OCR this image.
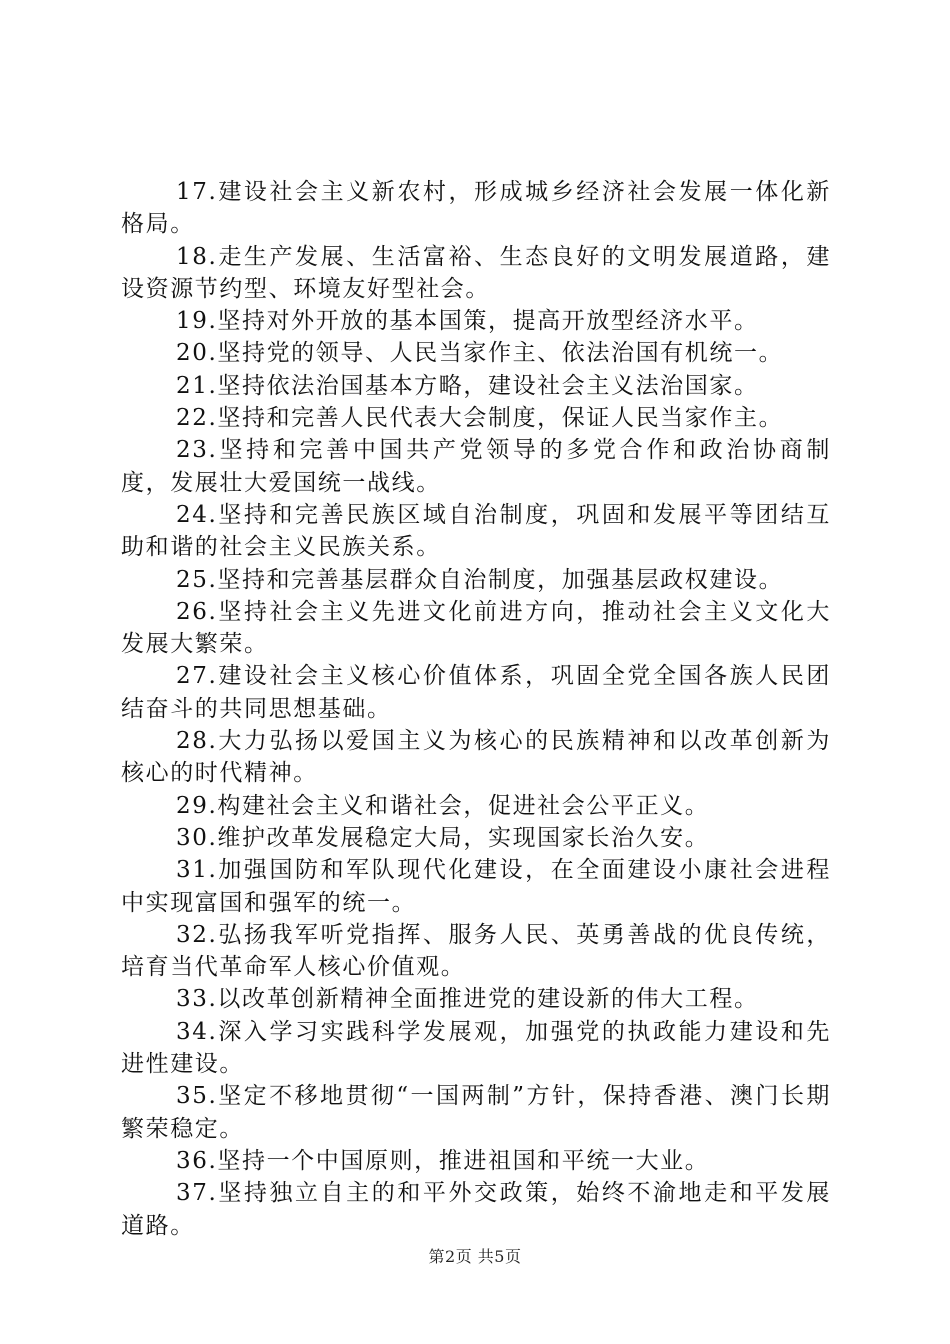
17.建设社会主义新农村，形成城乡经济社会发展一体化新格局。

18.走生产发展、生活富裕、生态良好的文明发展道路，建设资源节约型、环境友好型社会。

19.坚持对外开放的基本国策，提高开放型经济水平。

20.坚持党的领导、人民当家作主、依法治国有机统一。

21.坚持依法治国基本方略，建设社会主义法治国家。

22.坚持和完善人民代表大会制度，保证人民当家作主。

23.坚持和完善中国共产党领导的多党合作和政治协商制度，发展壮大爱国统一战线。

24.坚持和完善民族区域自治制度，巩固和发展平等团结互助和谐的社会主义民族关系。

25.坚持和完善基层群众自治制度，加强基层政权建设。

26.坚持社会主义先进文化前进方向，推动社会主义文化大发展大繁荣。

27.建设社会主义核心价值体系，巩固全党全国各族人民团结奋斗的共同思想基础。

28.大力弘扬以爱国主义为核心的民族精神和以改革创新为核心的时代精神。

29.构建社会主义和谐社会，促进社会公平正义。

30.维护改革发展稳定大局，实现国家长治久安。

31.加强国防和军队现代化建设，在全面建设小康社会进程中实现富国和强军的统一。

32.弘扬我军听党指挥、服务人民、英勇善战的优良传统，培育当代革命军人核心价值观。

33.以改革创新精神全面推进党的建设新的伟大工程。

34.深入学习实践科学发展观，加强党的执政能力建设和先进性建设。

35.坚定不移地贯彻“一国两制”方针，保持香港、澳门长期繁荣稳定。

36.坚持一个中国原则，推进祖国和平统一大业。

37.坚持独立自主的和平外交政策，始终不渝地走和平发展道路。

第2页 共5页
